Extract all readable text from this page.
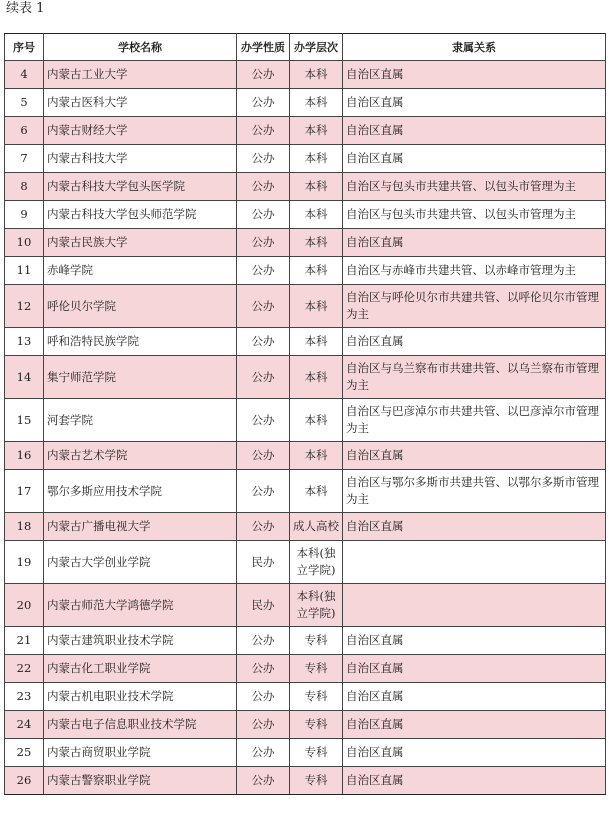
续表 1
序号	学校名称	办学性质	办学层次	隶属关系
4	内蒙古工业大学	公办	本科	自治区直属
5	内蒙古医科大学	公办	本科	自治区直属
6	内蒙古财经大学	公办	本科	自治区直属
7	内蒙古科技大学	公办	本科	自治区直属
8	内蒙古科技大学包头医学院	公办	本科	自治区与包头市共建共管、以包头市管理为主
9	内蒙古科技大学包头师范学院	公办	本科	自治区与包头市共建共管、以包头市管理为主
10	内蒙古民族大学	公办	本科	自治区直属
11	赤峰学院	公办	本科	自治区与赤峰市共建共管、以赤峰市管理为主
12	呼伦贝尔学院	公办	本科	自治区与呼伦贝尔市共建共管、以呼伦贝尔市管理为主
13	呼和浩特民族学院	公办	本科	自治区直属
14	集宁师范学院	公办	本科	自治区与乌兰察布市共建共管、以乌兰察布市管理为主
15	河套学院	公办	本科	自治区与巴彦淖尔市共建共管、以巴彦淖尔市管理为主
16	内蒙古艺术学院	公办	本科	自治区直属
17	鄂尔多斯应用技术学院	公办	本科	自治区与鄂尔多斯市共建共管、以鄂尔多斯市管理为主
18	内蒙古广播电视大学	公办	成人高校	自治区直属
19	内蒙古大学创业学院	民办	本科(独立学院)	
20	内蒙古师范大学鸿德学院	民办	本科(独立学院)	
21	内蒙古建筑职业技术学院	公办	专科	自治区直属
22	内蒙古化工职业学院	公办	专科	自治区直属
23	内蒙古机电职业技术学院	公办	专科	自治区直属
24	内蒙古电子信息职业技术学院	公办	专科	自治区直属
25	内蒙古商贸职业学院	公办	专科	自治区直属
26	内蒙古警察职业学院	公办	专科	自治区直属
